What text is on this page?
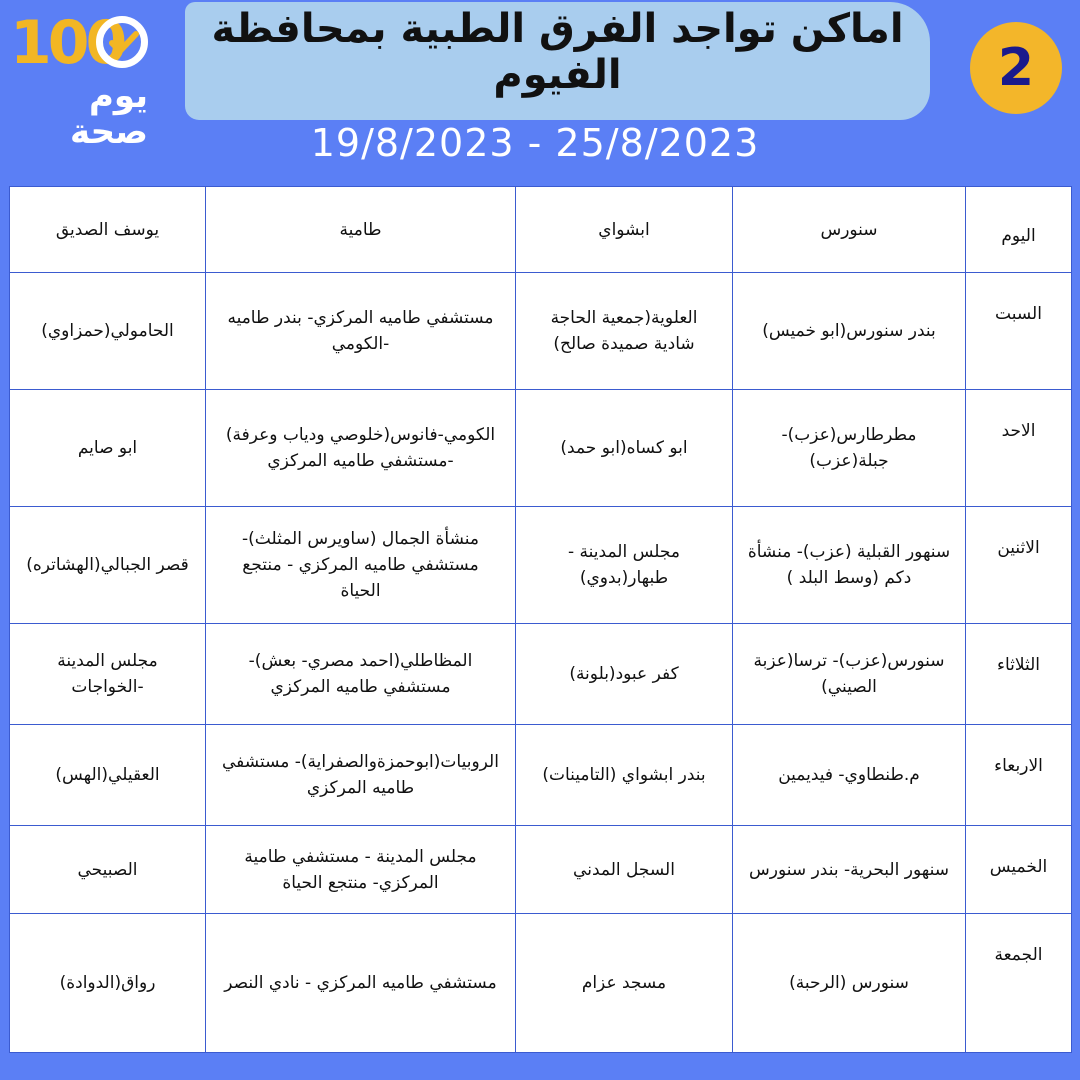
100
يوم
صحة
اماكن تواجد الفرق الطبية بمحافظة الفيوم
19/8/2023 - 25/8/2023
2
اليوم	سنورس	ابشواي	طامية	يوسف الصديق
السبت	بندر سنورس(ابو خميس)	العلوية(جمعية الحاجة شادية صميدة صالح)	مستشفي طاميه المركزي- بندر طاميه -الكومي	الحامولي(حمزاوي)
الاحد	مطرطارس(عزب)- جبلة(عزب)	ابو كساه(ابو حمد)	الكومي-فانوس(خلوصي ودياب وعرفة) -مستشفي طاميه المركزي	ابو صايم
الاثنين	سنهور القبلية (عزب)- منشأة دكم (وسط البلد )	مجلس المدينة - طبهار(بدوي)	منشأة الجمال (ساويرس المثلث)- مستشفي طاميه المركزي - منتجع الحياة	قصر الجبالي(الهشاتره)
الثلاثاء	سنورس(عزب)- ترسا(عزبة الصيني)	كفر عبود(بلونة)	المظاطلي(احمد مصري- بعش)- مستشفي طاميه المركزي	مجلس المدينة -الخواجات
الاربعاء	م.طنطاوي- فيديمين	بندر ابشواي (التامينات)	الروبيات(ابوحمزةوالصفراية)- مستشفي طاميه المركزي	العقيلي(الهس)
الخميس	سنهور البحرية- بندر سنورس	السجل المدني	مجلس المدينة - مستشفي طامية المركزي- منتجع الحياة	الصبيحي
الجمعة	سنورس (الرحبة)	مسجد عزام	مستشفي طاميه المركزي - نادي النصر	رواق(الدوادة)
